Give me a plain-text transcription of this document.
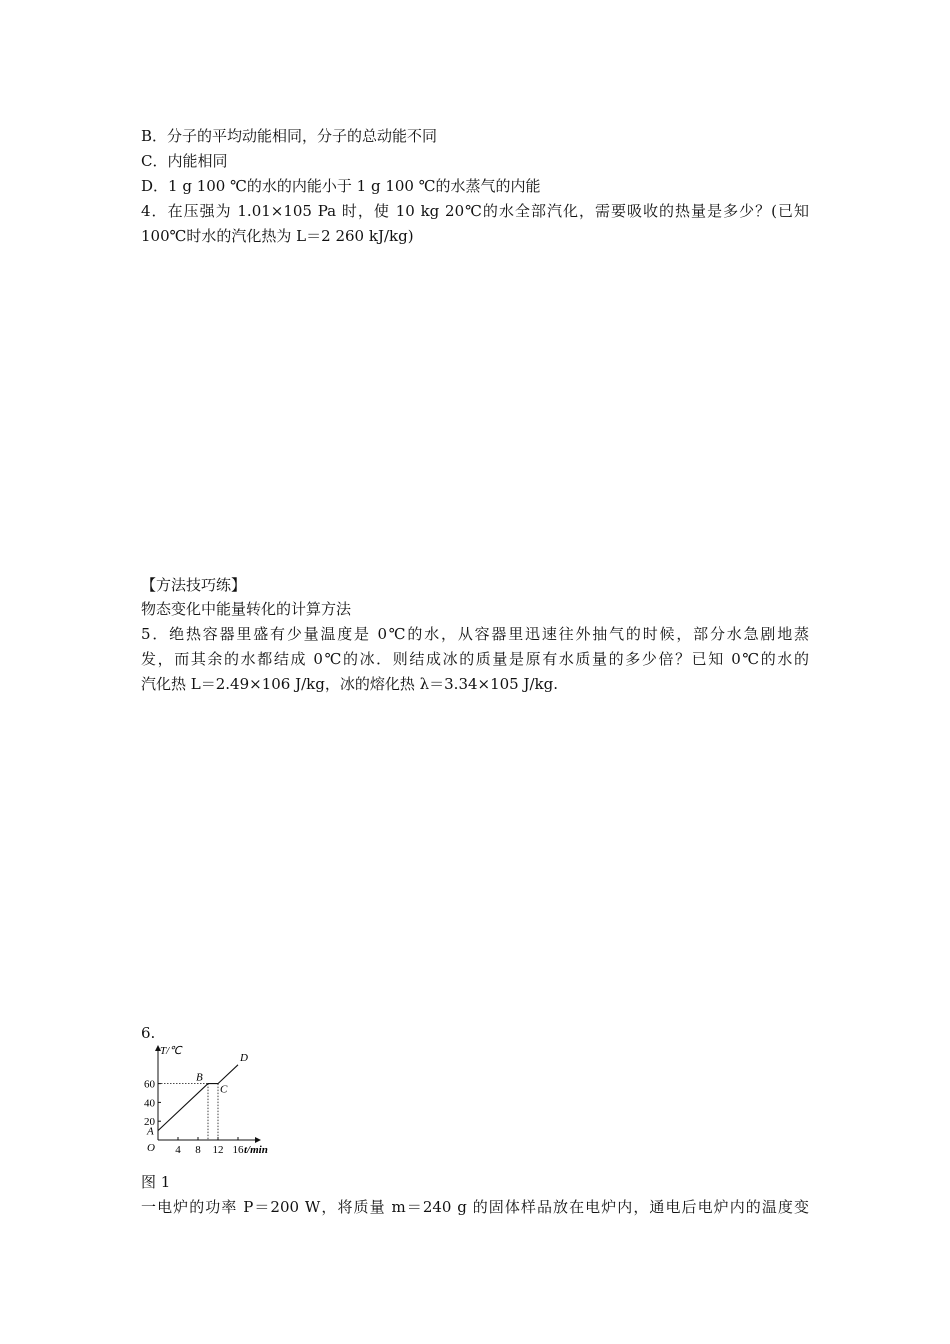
B．分子的平均动能相同，分子的总动能不同
C．内能相同
D．1 g 100 ℃的水的内能小于 1 g 100 ℃的水蒸气的内能
4．在压强为 1.01×105 Pa 时，使 10 kg 20℃的水全部汽化，需要吸收的热量是多少？(已知
100℃时水的汽化热为 L＝2 260 kJ/kg)
【方法技巧练】
物态变化中能量转化的计算方法
5．绝热容器里盛有少量温度是 0℃的水，从容器里迅速往外抽气的时候，部分水急剧地蒸
发，而其余的水都结成 0℃的冰．则结成冰的质量是原有水质量的多少倍？已知 0℃的水的
汽化热 L＝2.49×106 J/kg，冰的熔化热 λ＝3.34×105 J/kg.
6.
T/℃
t/min
O 4 8 12 16
20
40
60
A
B
C
D
图 1
一电炉的功率 P＝200 W，将质量 m＝240 g 的固体样品放在电炉内，通电后电炉内的温度变
